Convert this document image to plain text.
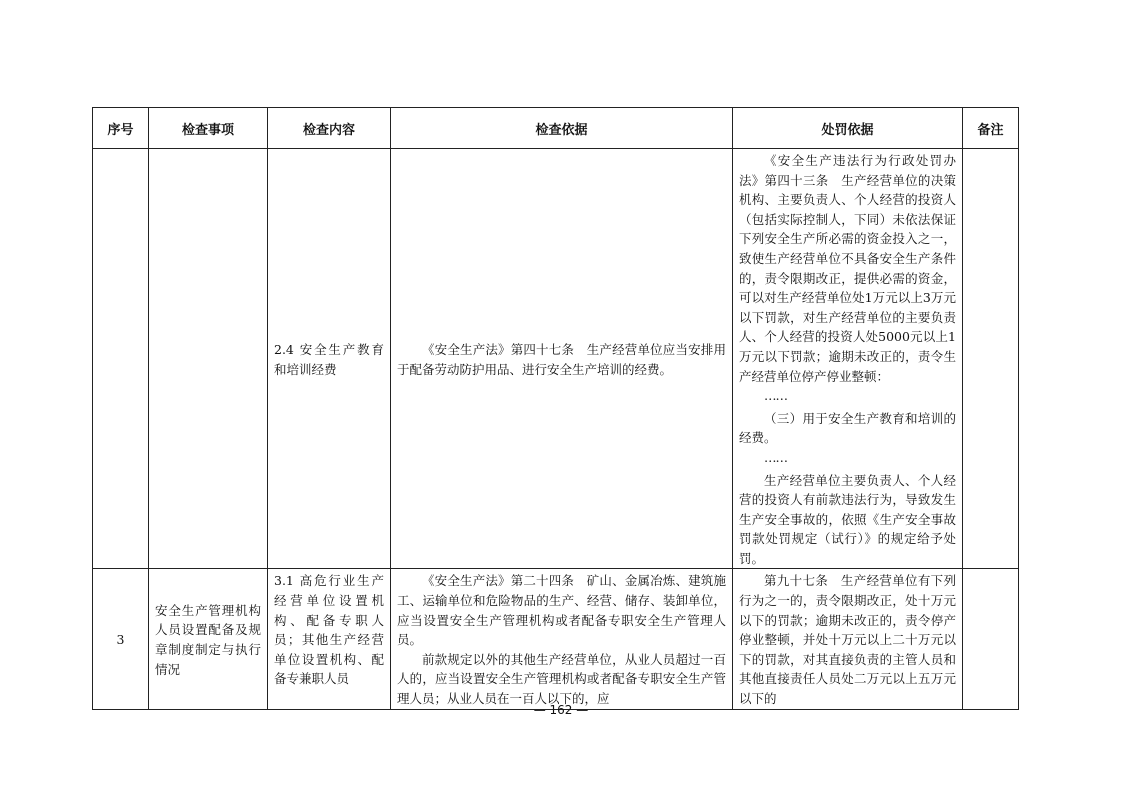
序号	检查事项	检查内容	检查依据	处罚依据	备注

		2.4 安全生产教育和培训经费	《安全生产法》第四十七条　生产经营单位应当安排用于配备劳动防护用品、进行安全生产培训的经费。	《安全生产违法行为行政处罚办法》第四十三条　生产经营单位的决策机构、主要负责人、个人经营的投资人（包括实际控制人，下同）未依法保证下列安全生产所必需的资金投入之一，致使生产经营单位不具备安全生产条件的，责令限期改正，提供必需的资金，可以对生产经营单位处1万元以上3万元以下罚款，对生产经营单位的主要负责人、个人经营的投资人处5000元以上1万元以下罚款；逾期未改正的，责令生产经营单位停产停业整顿：

……

（三）用于安全生产教育和培训的经费。

……

生产经营单位主要负责人、个人经营的投资人有前款违法行为，导致发生生产安全事故的，依照《生产安全事故罚款处罚规定（试行）》的规定给予处罚。	

3	安全生产管理机构人员设置配备及规章制度制定与执行情况	3.1 高危行业生产经营单位设置机构、配备专职人员；其他生产经营单位设置机构、配备专兼职人员	《安全生产法》第二十四条　矿山、金属冶炼、建筑施工、运输单位和危险物品的生产、经营、储存、装卸单位，应当设置安全生产管理机构或者配备专职安全生产管理人员。

前款规定以外的其他生产经营单位，从业人员超过一百人的，应当设置安全生产管理机构或者配备专职安全生产管理人员；从业人员在一百人以下的，应	第九十七条　生产经营单位有下列行为之一的，责令限期改正，处十万元以下的罚款；逾期未改正的，责令停产停业整顿，并处十万元以上二十万元以下的罚款，对其直接负责的主管人员和其他直接责任人员处二万元以上五万元以下的	

— 162 —
